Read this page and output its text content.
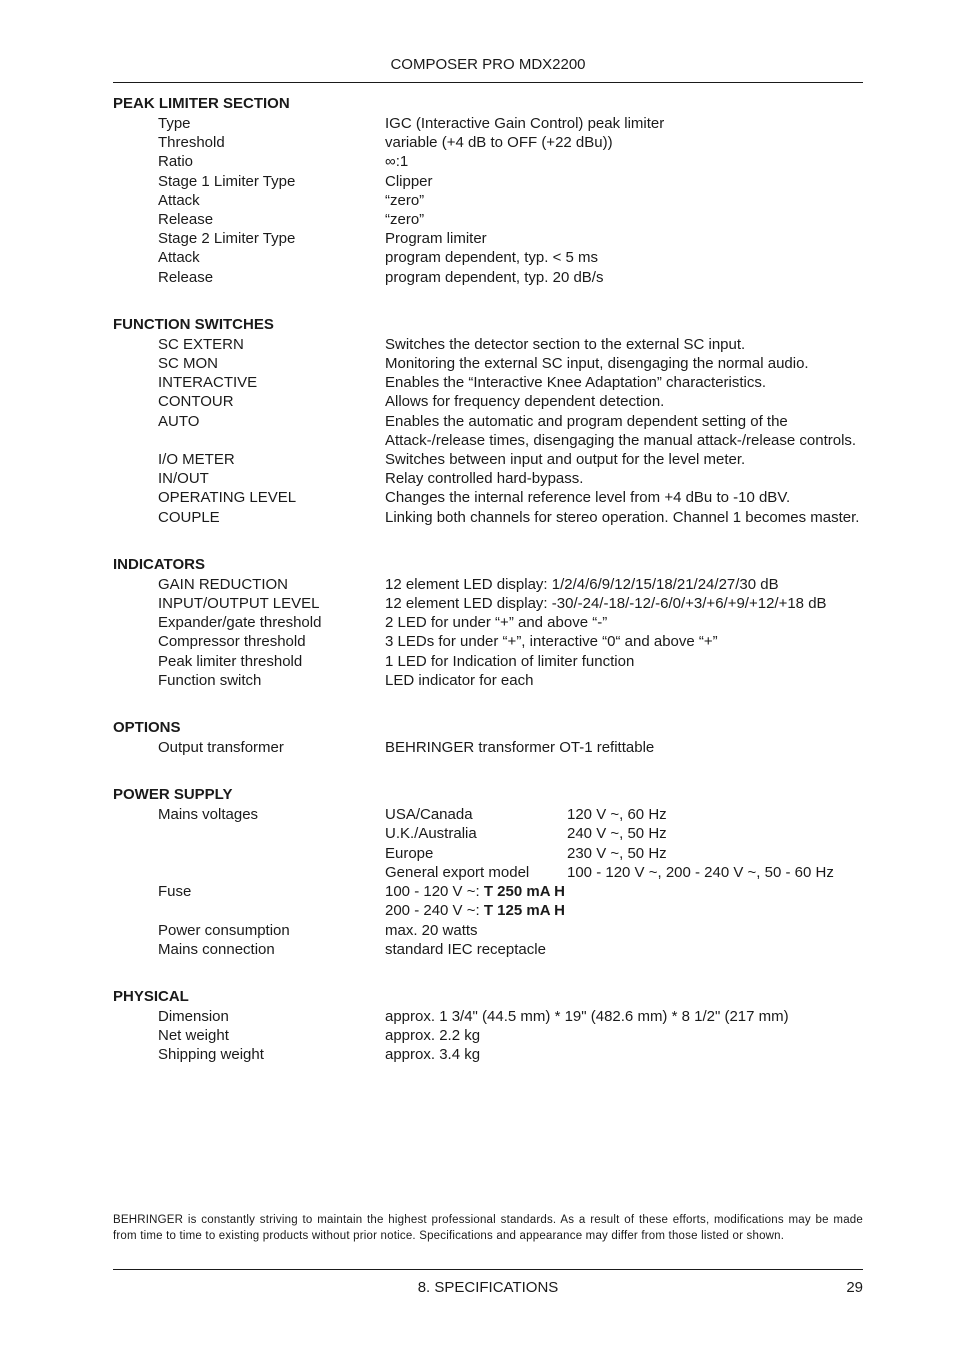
COMPOSER PRO MDX2200
PEAK LIMITER SECTION
Type	IGC (Interactive Gain Control) peak limiter
Threshold	variable (+4 dB to OFF (+22 dBu))
Ratio	∞:1
Stage 1 Limiter Type	Clipper
Attack	“zero”
Release	“zero”
Stage 2 Limiter Type	Program limiter
Attack	program dependent, typ. < 5 ms
Release	program dependent, typ. 20 dB/s
FUNCTION SWITCHES
SC EXTERN	Switches the detector section to the external SC input.
SC MON	Monitoring the external SC input, disengaging the normal audio.
INTERACTIVE	Enables the “Interactive Knee Adaptation” characteristics.
CONTOUR	Allows for frequency dependent detection.
AUTO	Enables the automatic and program dependent setting of the Attack-/release times, disengaging the manual attack-/release controls.
I/O METER	Switches between input and output for the level meter.
IN/OUT	Relay controlled hard-bypass.
OPERATING LEVEL	Changes the internal reference level from +4 dBu to -10 dBV.
COUPLE	Linking both channels for stereo operation. Channel 1 becomes master.
INDICATORS
GAIN REDUCTION	12 element LED display: 1/2/4/6/9/12/15/18/21/24/27/30 dB
INPUT/OUTPUT LEVEL	12 element LED display: -30/-24/-18/-12/-6/0/+3/+6/+9/+12/+18 dB
Expander/gate threshold	2 LED for under “+” and above “-”
Compressor threshold	3 LEDs for under “+”, interactive “0“ and above “+”
Peak limiter threshold	1 LED for Indication of limiter function
Function switch	LED indicator for each
OPTIONS
Output transformer	BEHRINGER transformer OT-1 refittable
POWER SUPPLY
Mains voltages	USA/Canada	120 V ~, 60 Hz
U.K./Australia	240 V ~, 50 Hz
Europe	230 V ~, 50 Hz
General export model	100 - 120 V ~, 200 - 240 V ~, 50 - 60 Hz
Fuse	100 - 120 V ~: T 250 mA H
200 - 240 V ~: T 125 mA H
Power consumption	max. 20 watts
Mains connection	standard IEC receptacle
PHYSICAL
Dimension	approx. 1 3/4" (44.5 mm) * 19" (482.6 mm) * 8 1/2" (217 mm)
Net weight	approx. 2.2 kg
Shipping weight	approx. 3.4 kg
BEHRINGER is constantly striving to maintain the highest professional standards. As a result of these efforts, modifications may be made from time to time to existing products without prior notice. Specifications and appearance may differ from those listed or shown.
8. SPECIFICATIONS	29
